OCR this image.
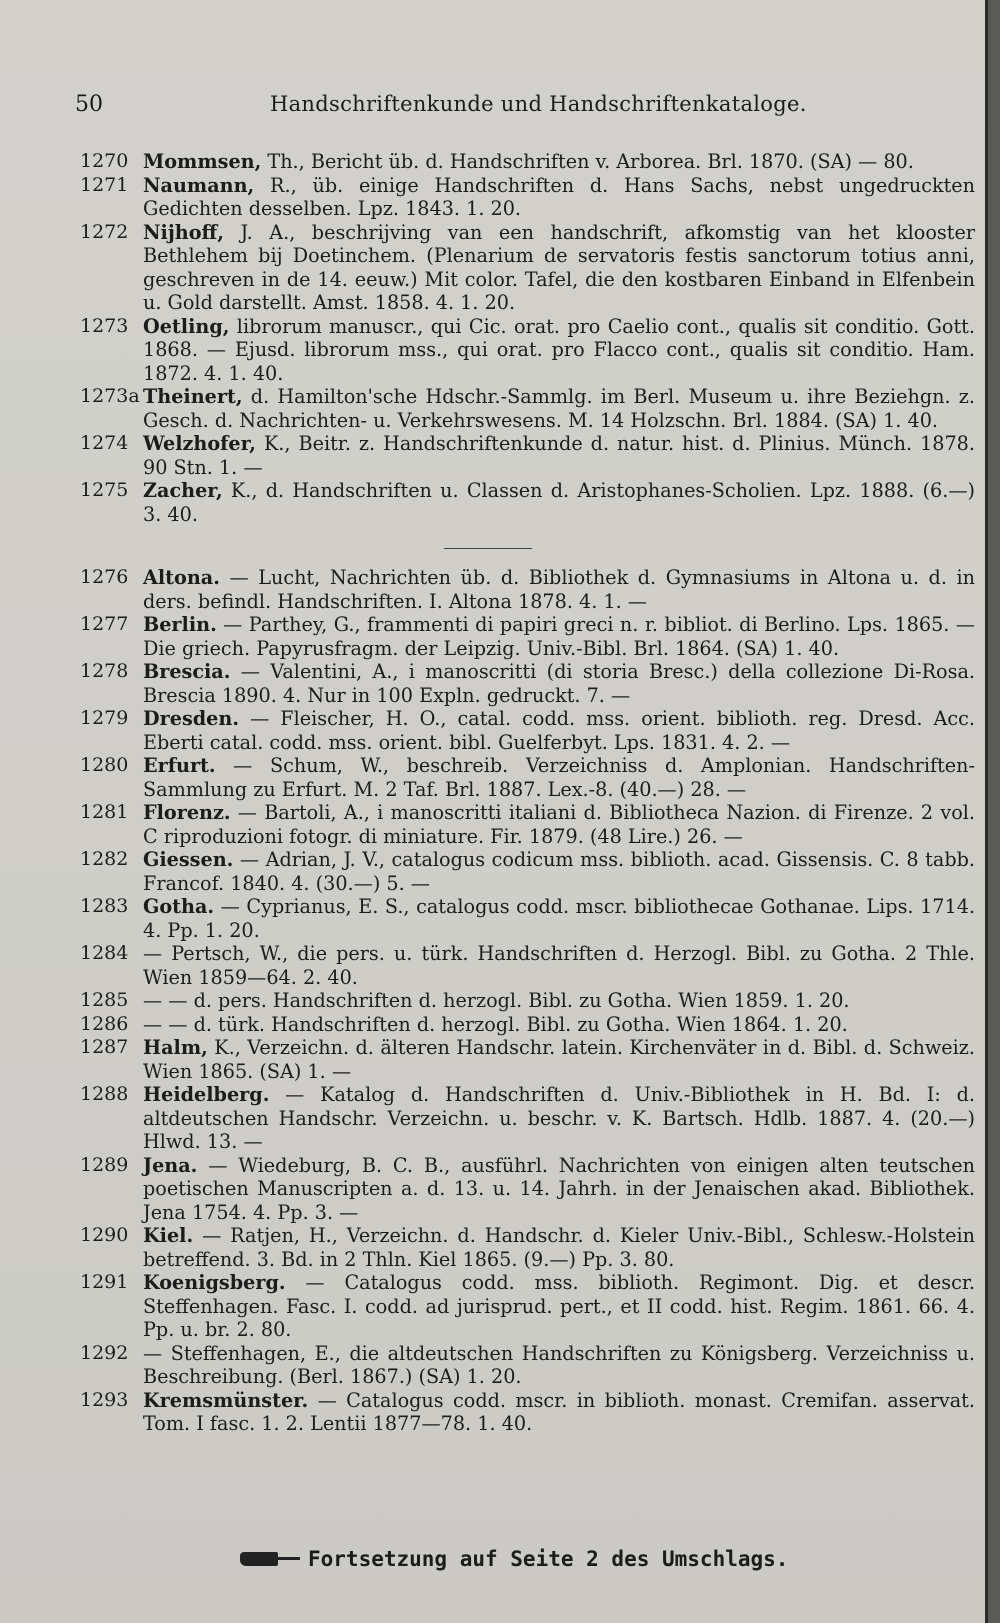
50	Handschriftenkunde und Handschriftenkataloge.
1270 Mommsen, Th., Bericht üb. d. Handschriften v. Arborea. Brl. 1870. (SA) — 80.
1271 Naumann, R., üb. einige Handschriften d. Hans Sachs, nebst ungedruckten Gedichten desselben. Lpz. 1843. 1. 20.
1272 Nijhoff, J. A., beschrijving van een handschrift, afkomstig van het klooster Bethlehem bij Doetinchem. (Plenarium de servatoris festis sanctorum totius anni, geschreven in de 14. eeuw.) Mit color. Tafel, die den kostbaren Einband in Elfenbein u. Gold darstellt. Amst. 1858. 4. 1. 20.
1273 Oetling, librorum manuscr., qui Cic. orat. pro Caelio cont., qualis sit conditio. Gott. 1868. — Ejusd. librorum mss., qui orat. pro Flacco cont., qualis sit conditio. Ham. 1872. 4. 1. 40.
1273a Theinert, d. Hamilton'sche Hdschr.-Sammlg. im Berl. Museum u. ihre Beziehgn. z. Gesch. d. Nachrichten- u. Verkehrswesens. M. 14 Holzschn. Brl. 1884. (SA) 1. 40.
1274 Welzhofer, K., Beitr. z. Handschriftenkunde d. natur. hist. d. Plinius. Münch. 1878. 90 Stn. 1. —
1275 Zacher, K., d. Handschriften u. Classen d. Aristophanes-Scholien. Lpz. 1888. (6.—) 3. 40.
1276 Altona. — Lucht, Nachrichten üb. d. Bibliothek d. Gymnasiums in Altona u. d. in ders. befindl. Handschriften. I. Altona 1878. 4. 1. —
1277 Berlin. — Parthey, G., frammenti di papiri greci n. r. bibliot. di Berlino. Lps. 1865. — Die griech. Papyrusfragm. der Leipzig. Univ.-Bibl. Brl. 1864. (SA) 1. 40.
1278 Brescia. — Valentini, A., i manoscritti (di storia Bresc.) della collezione Di-Rosa. Brescia 1890. 4. Nur in 100 Expln. gedruckt. 7. —
1279 Dresden. — Fleischer, H. O., catal. codd. mss. orient. biblioth. reg. Dresd. Acc. Eberti catal. codd. mss. orient. bibl. Guelferbyt. Lps. 1831. 4. 2. —
1280 Erfurt. — Schum, W., beschreib. Verzeichniss d. Amplonian. Handschriften-Sammlung zu Erfurt. M. 2 Taf. Brl. 1887. Lex.-8. (40.—) 28. —
1281 Florenz. — Bartoli, A., i manoscritti italiani d. Bibliotheca Nazion. di Firenze. 2 vol. C riproduzioni fotogr. di miniature. Fir. 1879. (48 Lire.) 26. —
1282 Giessen. — Adrian, J. V., catalogus codicum mss. biblioth. acad. Gissensis. C. 8 tabb. Francof. 1840. 4. (30.—) 5. —
1283 Gotha. — Cyprianus, E. S., catalogus codd. mscr. bibliothecae Gothanae. Lips. 1714. 4. Pp. 1. 20.
1284 — Pertsch, W., die pers. u. türk. Handschriften d. Herzogl. Bibl. zu Gotha. 2 Thle. Wien 1859—64. 2. 40.
1285 — — d. pers. Handschriften d. herzogl. Bibl. zu Gotha. Wien 1859. 1. 20.
1286 — — d. türk. Handschriften d. herzogl. Bibl. zu Gotha. Wien 1864. 1. 20.
1287 Halm, K., Verzeichn. d. älteren Handschr. latein. Kirchenväter in d. Bibl. d. Schweiz. Wien 1865. (SA) 1. —
1288 Heidelberg. — Katalog d. Handschriften d. Univ.-Bibliothek in H. Bd. I: d. altdeutschen Handschr. Verzeichn. u. beschr. v. K. Bartsch. Hdlb. 1887. 4. (20.—) Hlwd. 13. —
1289 Jena. — Wiedeburg, B. C. B., ausführl. Nachrichten von einigen alten teutschen poetischen Manuscripten a. d. 13. u. 14. Jahrh. in der Jenaischen akad. Bibliothek. Jena 1754. 4. Pp. 3. —
1290 Kiel. — Ratjen, H., Verzeichn. d. Handschr. d. Kieler Univ.-Bibl., Schlesw.-Holstein betreffend. 3. Bd. in 2 Thln. Kiel 1865. (9.—) Pp. 3. 80.
1291 Koenigsberg. — Catalogus codd. mss. biblioth. Regimont. Dig. et descr. Steffenhagen. Fasc. I. codd. ad jurisprud. pert., et II codd. hist. Regim. 1861. 66. 4. Pp. u. br. 2. 80.
1292 — Steffenhagen, E., die altdeutschen Handschriften zu Königsberg. Verzeichniss u. Beschreibung. (Berl. 1867.) (SA) 1. 20.
1293 Kremsmünster. — Catalogus codd. mscr. in biblioth. monast. Cremifan. asservat. Tom. I fasc. 1. 2. Lentii 1877—78. 1. 40.
Fortsetzung auf Seite 2 des Umschlags.
